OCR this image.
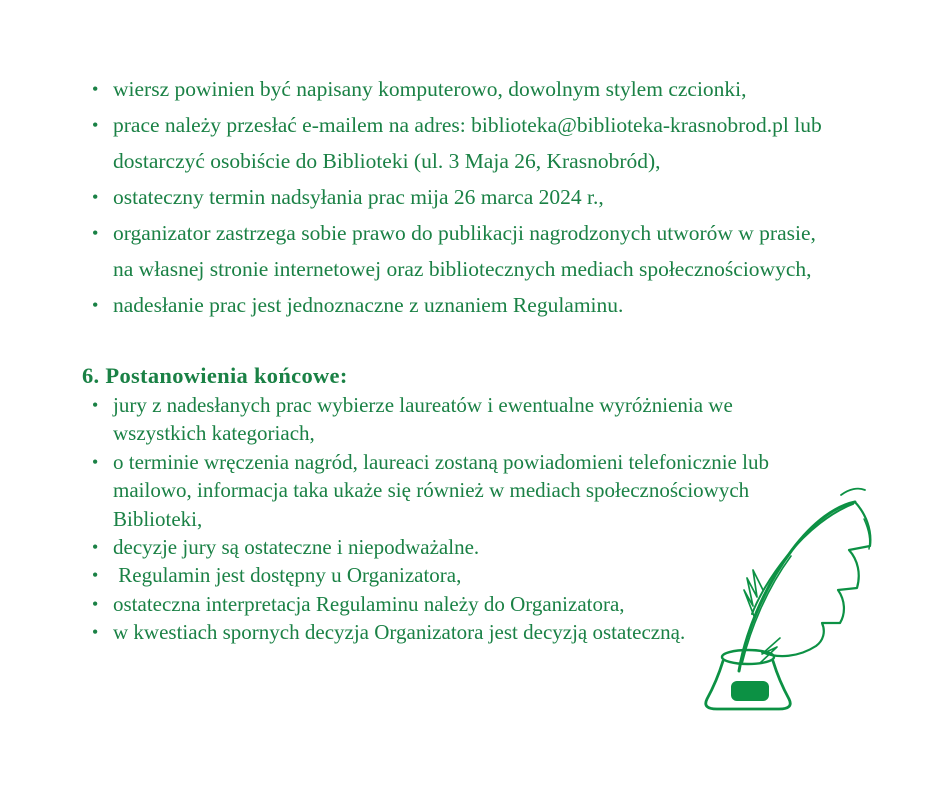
• wiersz powinien być napisany komputerowo, dowolnym stylem czcionki,
• prace należy przesłać e-mailem na adres: biblioteka@biblioteka-krasnobrod.pl lub
dostarczyć osobiście do Biblioteki (ul. 3 Maja 26, Krasnobród),
• ostateczny termin nadsyłania prac mija 26 marca 2024 r.,
• organizator zastrzega sobie prawo do publikacji nagrodzonych utworów w prasie,
na własnej stronie internetowej oraz bibliotecznych mediach społecznościowych,
• nadesłanie prac jest jednoznaczne z uznaniem Regulaminu.
6. Postanowienia końcowe:
• jury z nadesłanych prac wybierze laureatów i ewentualne wyróżnienia we
wszystkich kategoriach,
• o terminie wręczenia nagród, laureaci zostaną powiadomieni telefonicznie lub
mailowo, informacja taka ukaże się również w mediach społecznościowych
Biblioteki,
• decyzje jury są ostateczne i niepodważalne.
• Regulamin jest dostępny u Organizatora,
• ostateczna interpretacja Regulaminu należy do Organizatora,
• w kwestiach spornych decyzja Organizatora jest decyzją ostateczną.
